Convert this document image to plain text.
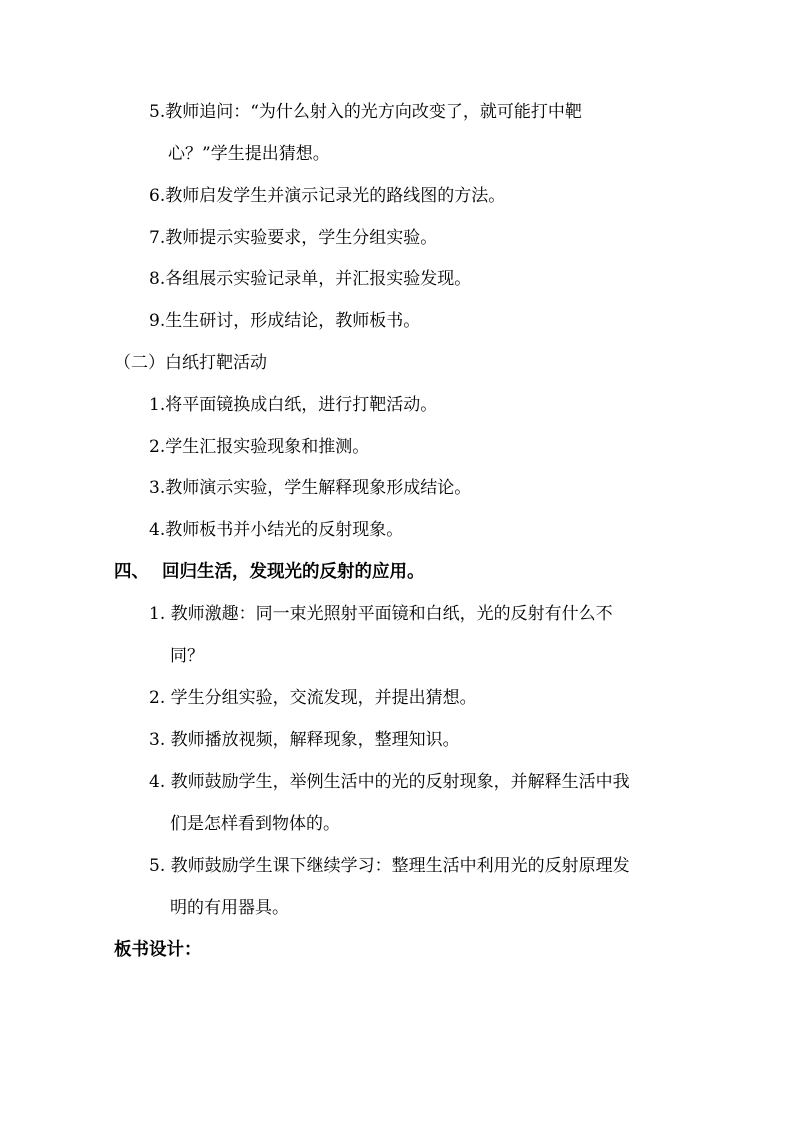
5.教师追问：“为什么射入的光方向改变了，就可能打中靶
心？”学生提出猜想。
6.教师启发学生并演示记录光的路线图的方法。
7.教师提示实验要求，学生分组实验。
8.各组展示实验记录单，并汇报实验发现。
9.生生研讨，形成结论，教师板书。
（二）白纸打靶活动
1.将平面镜换成白纸，进行打靶活动。
2.学生汇报实验现象和推测。
3.教师演示实验，学生解释现象形成结论。
4.教师板书并小结光的反射现象。
四、 回归生活，发现光的反射的应用。
1. 教师激趣：同一束光照射平面镜和白纸，光的反射有什么不
同？
2. 学生分组实验，交流发现，并提出猜想。
3. 教师播放视频，解释现象，整理知识。
4. 教师鼓励学生，举例生活中的光的反射现象，并解释生活中我
们是怎样看到物体的。
5. 教师鼓励学生课下继续学习：整理生活中利用光的反射原理发
明的有用器具。
板书设计：
